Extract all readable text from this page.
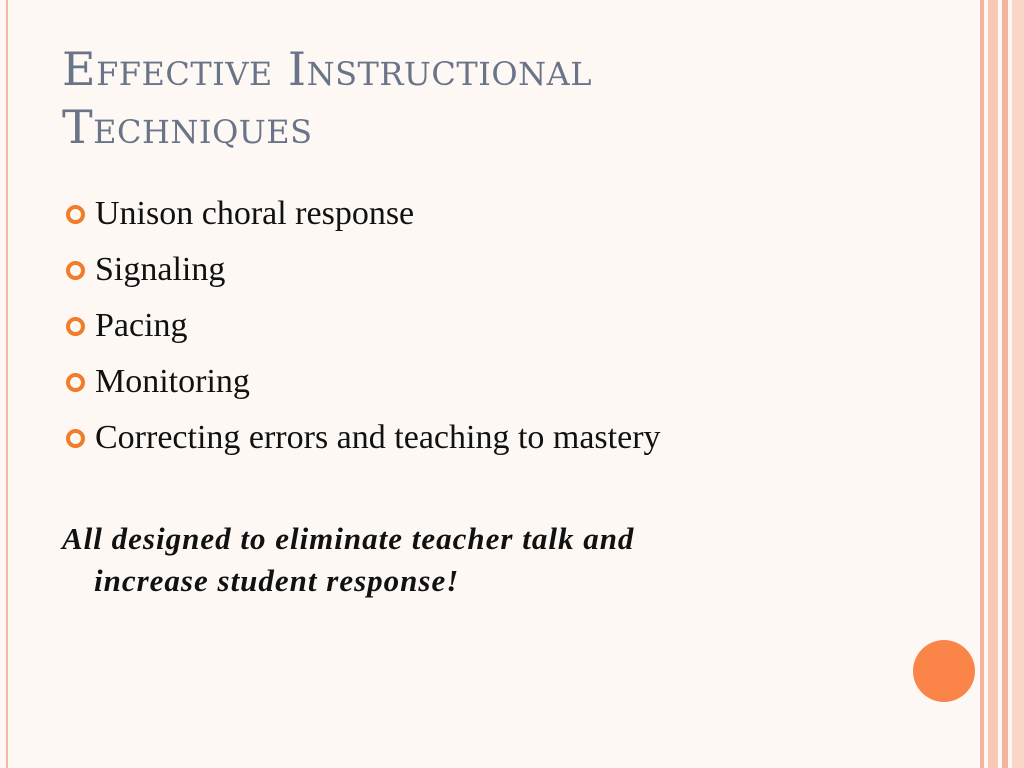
Effective Instructional
Techniques
Unison choral response
Signaling
Pacing
Monitoring
Correcting errors and teaching to mastery
All designed to eliminate teacher talk and
increase student response!
